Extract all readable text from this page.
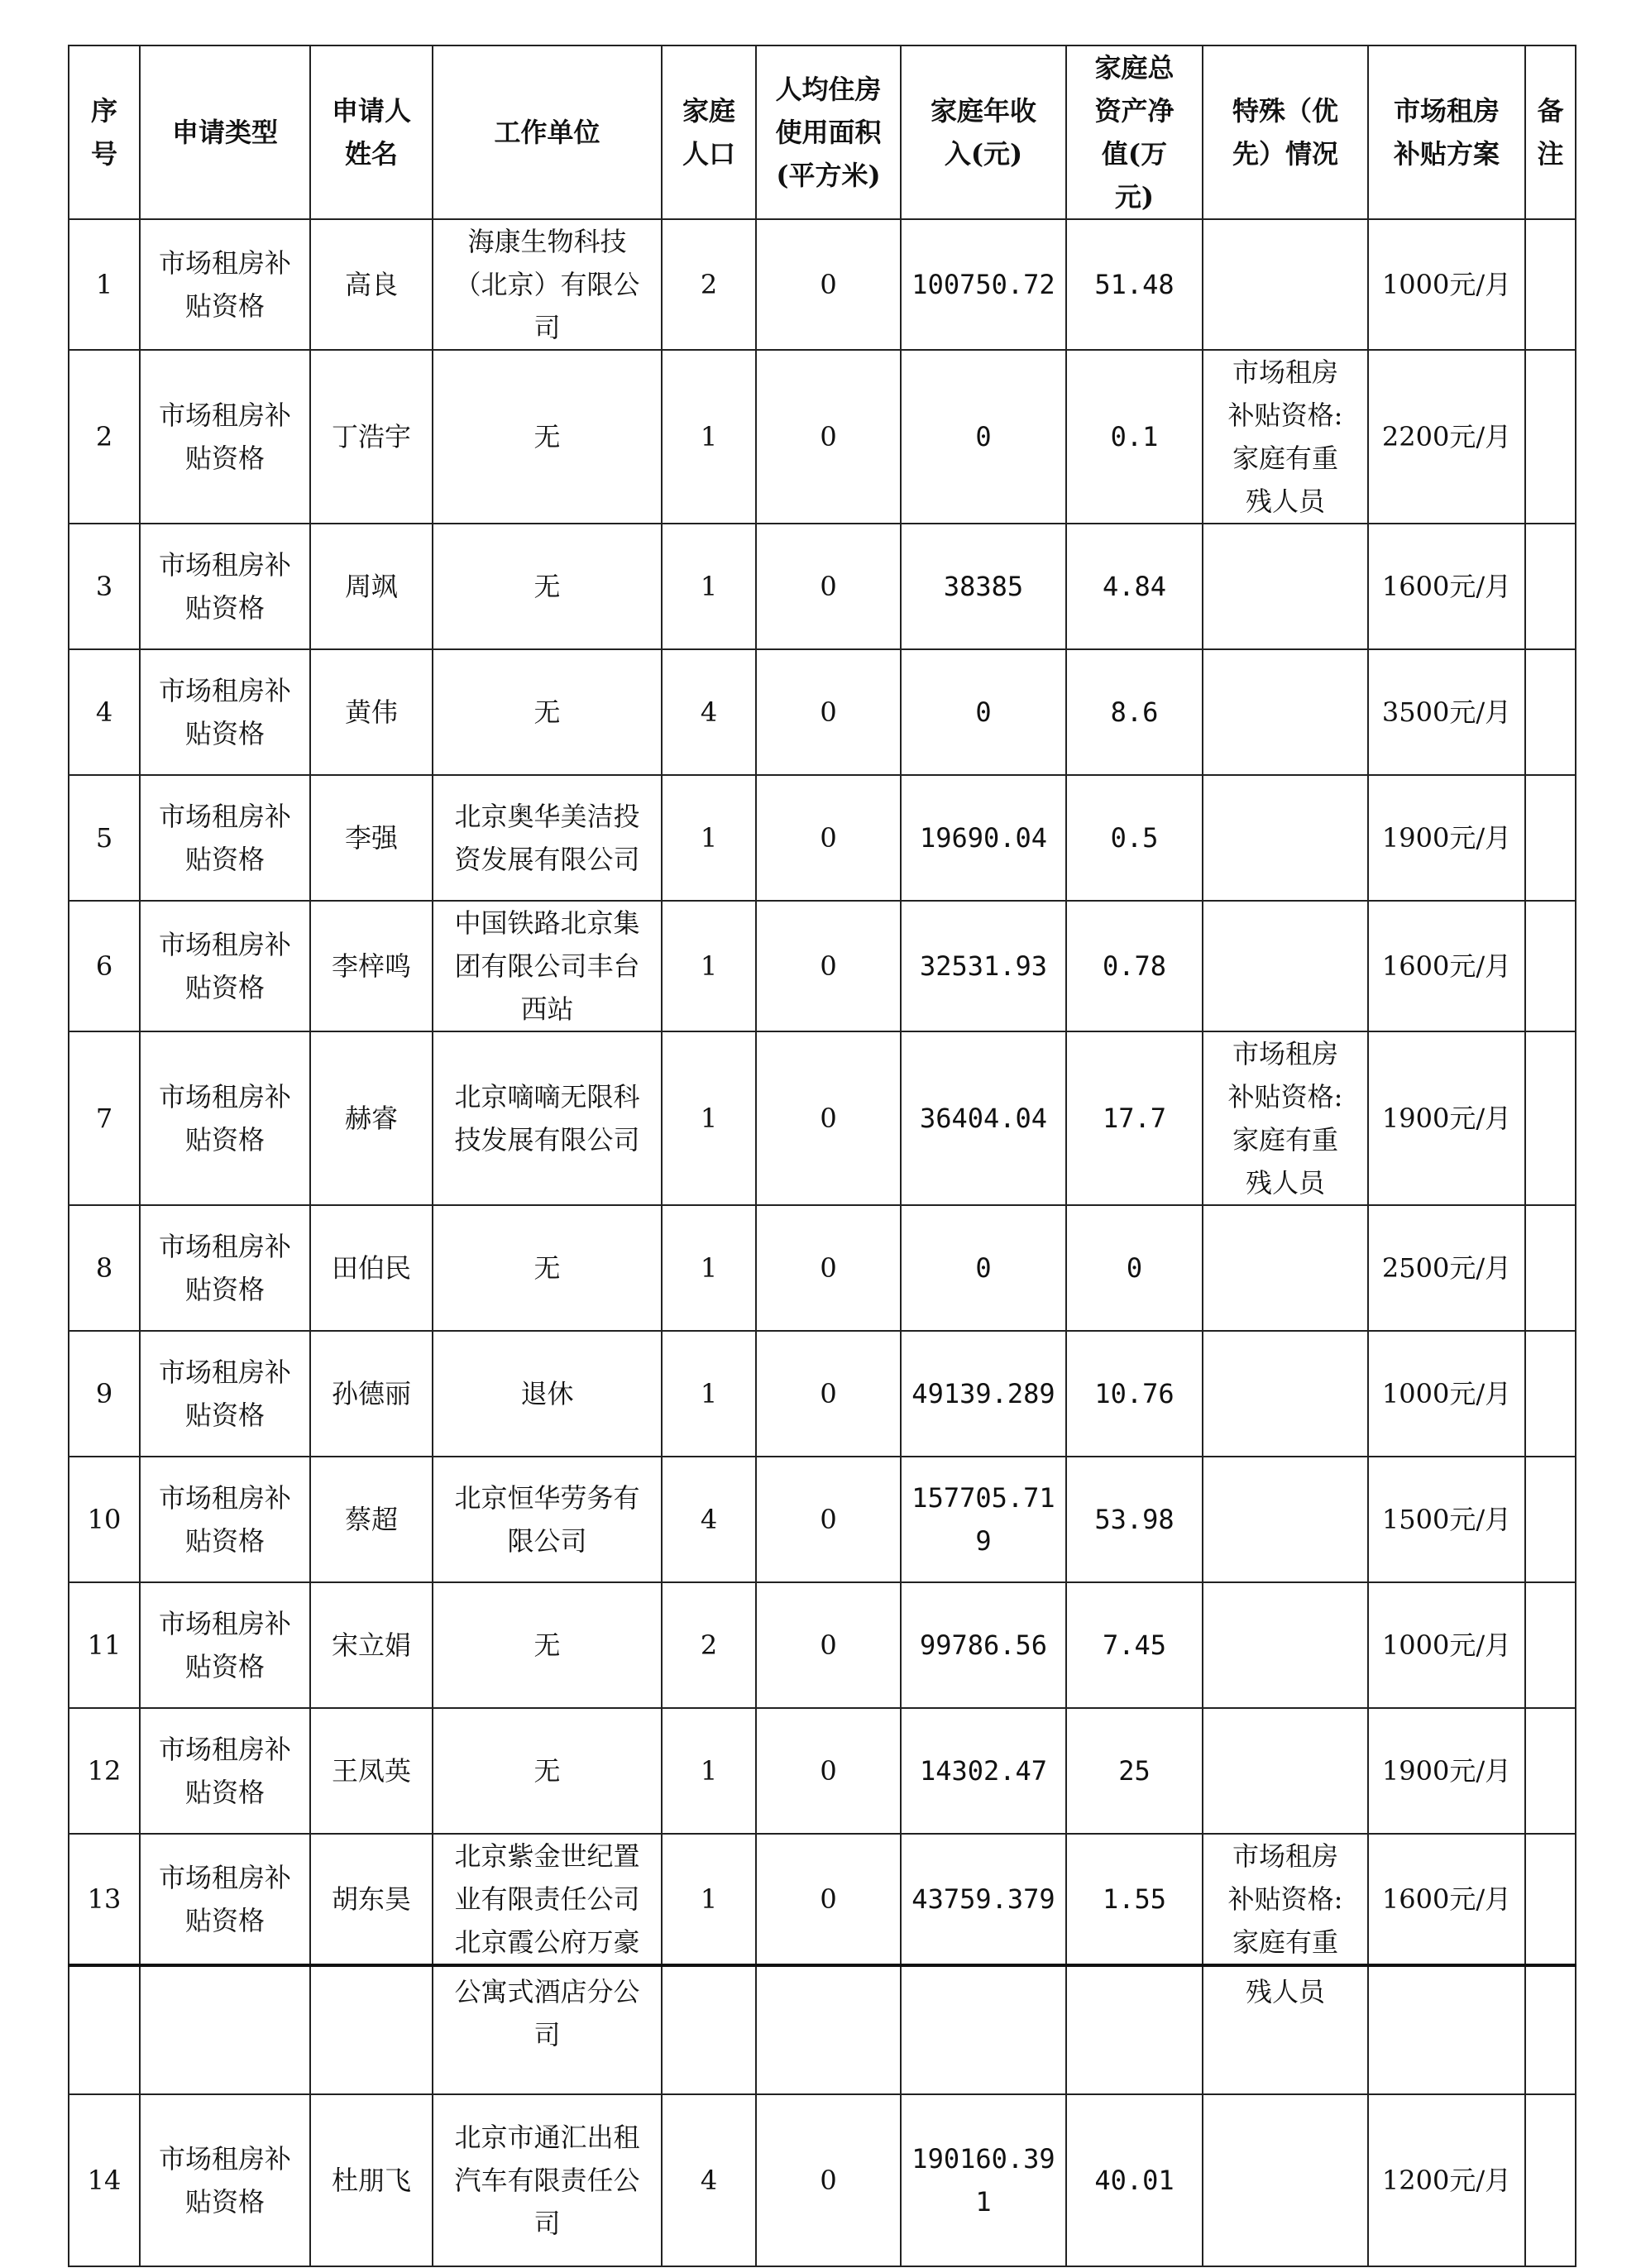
序
号	申请类型	申请人
姓名	工作单位	家庭
人口	人均住房
使用面积
(平方米)	家庭年收
入(元)	家庭总
资产净
值(万
元)	特殊（优
先）情况	市场租房
补贴方案	备
注
1	市场租房补
贴资格	高良	海康生物科技
（北京）有限公
司	2	0	100750.72	51.48		1000元/月	
2	市场租房补
贴资格	丁浩宇	无	1	0	0	0.1	市场租房
补贴资格:
家庭有重
残人员	2200元/月	
3	市场租房补
贴资格	周飒	无	1	0	38385	4.84		1600元/月	
4	市场租房补
贴资格	黄伟	无	4	0	0	8.6		3500元/月	
5	市场租房补
贴资格	李强	北京奥华美洁投
资发展有限公司	1	0	19690.04	0.5		1900元/月	
6	市场租房补
贴资格	李梓鸣	中国铁路北京集
团有限公司丰台
西站	1	0	32531.93	0.78		1600元/月	
7	市场租房补
贴资格	赫睿	北京嘀嘀无限科
技发展有限公司	1	0	36404.04	17.7	市场租房
补贴资格:
家庭有重
残人员	1900元/月	
8	市场租房补
贴资格	田伯民	无	1	0	0	0		2500元/月	
9	市场租房补
贴资格	孙德丽	退休	1	0	49139.289	10.76		1000元/月	
10	市场租房补
贴资格	蔡超	北京恒华劳务有
限公司	4	0	157705.71
9	53.98		1500元/月	
11	市场租房补
贴资格	宋立娟	无	2	0	99786.56	7.45		1000元/月	
12	市场租房补
贴资格	王凤英	无	1	0	14302.47	25		1900元/月	
13	市场租房补
贴资格	胡东昊	北京紫金世纪置
业有限责任公司
北京霞公府万豪	1	0	43759.379	1.55	市场租房
补贴资格:
家庭有重	1600元/月	
			公寓式酒店分公
司					残人员		
14	市场租房补
贴资格	杜朋飞	北京市通汇出租
汽车有限责任公
司	4	0	190160.39
1	40.01		1200元/月	
